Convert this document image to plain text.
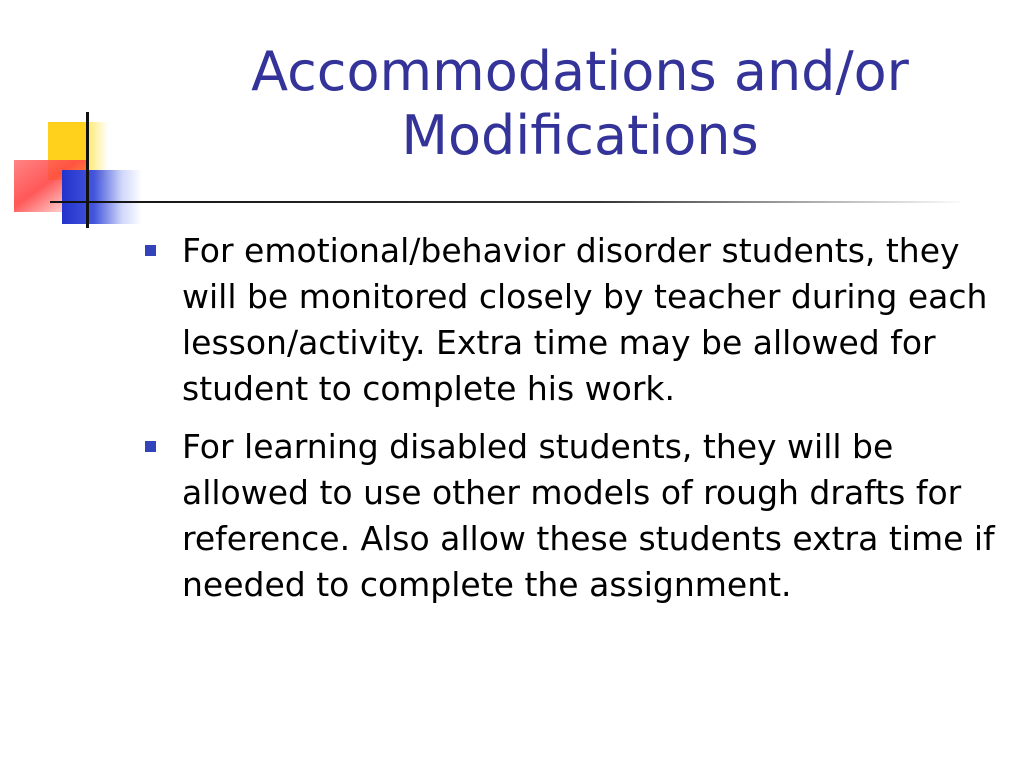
Accommodations and/or
Modifications
For emotional/behavior disorder students, they will be monitored closely by teacher during each lesson/activity. Extra time may be allowed for student to complete his work.
For learning disabled students, they will be allowed to use other models of rough drafts for reference. Also allow these students extra time if needed to complete the assignment.
